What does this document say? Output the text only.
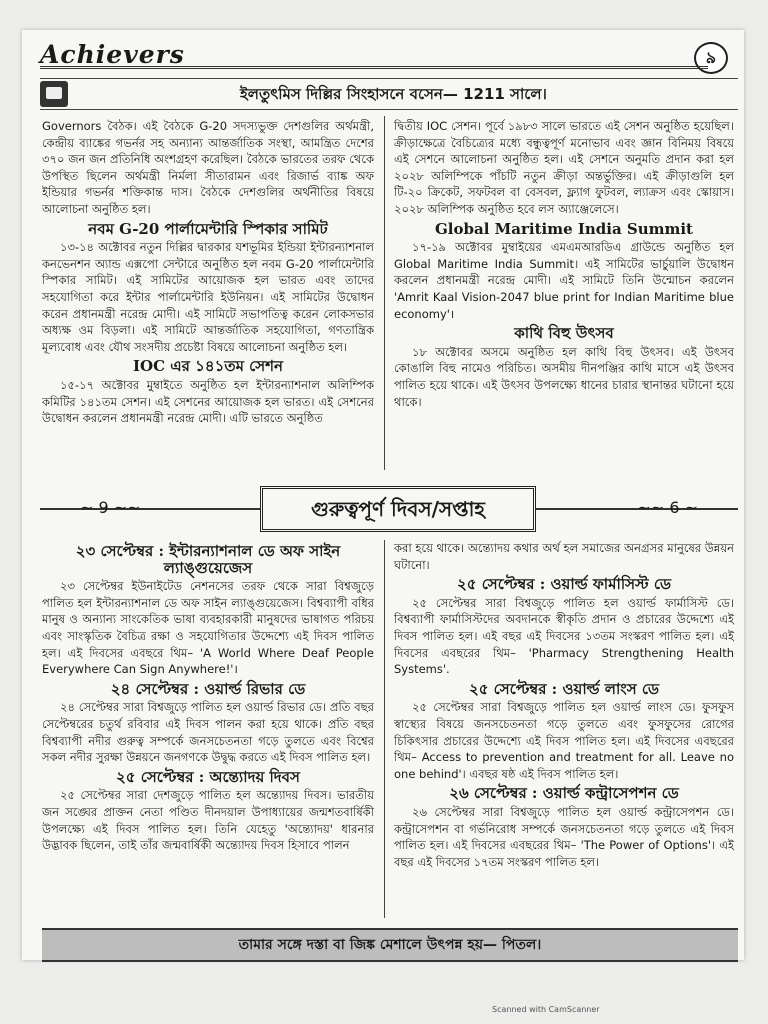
Achievers	৯
ইলতুৎমিস দিল্লির সিংহাসনে বসেন— 1211 সালে।

Governors বৈঠক। এই বৈঠকে G-20 সদস্যভুক্ত দেশগুলির অর্থমন্ত্রী, কেন্দ্রীয় ব্যাঙ্কের গভর্নর সহ অন্যান্য আন্তর্জাতিক সংস্থা, আমন্ত্রিত দেশের ৩৭০ জন জন প্রতিনিধি অংশগ্রহণ করেছিল। বৈঠকে ভারতের তরফ থেকে উপস্থিত ছিলেন অর্থমন্ত্রী নির্মলা সীতারামন এবং রিজার্ভ ব্যাঙ্ক অফ ইন্ডিয়ার গভর্নর শক্তিকান্ত দাস। বৈঠকে দেশগুলির অর্থনীতির বিষয়ে আলোচনা অনুষ্ঠিত হল।

নবম G-20 পার্লামেন্টারি স্পিকার সামিট

১৩-১৪ অক্টোবর নতুন দিল্লির দ্বারকার যশভূমির ইন্ডিয়া ইন্টারন্যাশনাল কনভেনশন অ্যান্ড এক্সপো সেন্টারে অনুষ্ঠিত হল নবম G-20 পার্লামেন্টারি স্পিকার সামিট। এই সামিটের আয়োজক হল ভারত এবং তাদের সহযোগিতা করে ইন্টার পার্লামেন্টারি ইউনিয়ন। এই সামিটের উদ্বোধন করেন প্রধানমন্ত্রী নরেন্দ্র মোদী। এই সামিটে সভাপতিত্ব করেন লোকসভার অধ্যক্ষ ওম বিড়লা। এই সামিটে আন্তর্জাতিক সহযোগিতা, গণতান্ত্রিক মূল্যবোধ এবং যৌথ সংসদীয় প্রচেষ্টা বিষয়ে আলোচনা অনুষ্ঠিত হল।

IOC এর ১৪১তম সেশন

১৫-১৭ অক্টোবর মুম্বাইতে অনুষ্ঠিত হল ইন্টারন্যাশনাল অলিম্পিক কমিটির ১৪১তম সেশন। এই সেশনের আয়োজক হল ভারত। এই সেশনের উদ্বোধন করলেন প্রধানমন্ত্রী নরেন্দ্র মোদী। এটি ভারতে অনুষ্ঠিত

দ্বিতীয় IOC সেশন। পূর্বে ১৯৮৩ সালে ভারতে এই সেশন অনুষ্ঠিত হয়েছিল। ক্রীড়াক্ষেত্রে বৈচিত্র্যের মধ্যে বন্ধুত্বপূর্ণ মনোভাব এবং জ্ঞান বিনিময় বিষয়ে এই সেশনে আলোচনা অনুষ্ঠিত হল। এই সেশনে অনুমতি প্রদান করা হল ২০২৮ অলিম্পিকে পাঁচটি নতুন ক্রীড়া অন্তর্ভুক্তির। এই ক্রীড়াগুলি হল টি-২০ ক্রিকেট, সফটবল বা বেসবল, ফ্ল্যাগ ফুটবল, ল্যাক্রস এবং স্কোয়াস। ২০২৮ অলিম্পিক অনুষ্ঠিত হবে লস অ্যাঞ্জেলেসে।

Global Maritime India Summit

১৭-১৯ অক্টোবর মুম্বাইয়ের এমএমআরডিএ গ্রাউন্ডে অনুষ্ঠিত হল Global Maritime India Summit। এই সামিটের ভার্চুয়ালি উদ্বোধন করলেন প্রধানমন্ত্রী নরেন্দ্র মোদী। এই সামিটে তিনি উন্মোচন করলেন 'Amrit Kaal Vision-2047 blue print for Indian Maritime blue economy'।

কাথি বিহু উৎসব

১৮ অক্টোবর অসমে অনুষ্ঠিত হল কাথি বিহু উৎসব। এই উৎসব কোঙালি বিহু নামেও পরিচিত। অসমীয় দীনপঞ্জির কাথি মাসে এই উৎসব পালিত হয়ে থাকে। এই উৎসব উপলক্ষ্যে ধানের চারার স্থানান্তর ঘটানো হয়ে থাকে।

~ 9 ~~	~~ 6 ~
গুরুত্বপূর্ণ দিবস/সপ্তাহ
২৩ সেপ্টেম্বর : ইন্টারন্যাশনাল ডে অফ সাইন ল্যাঙ্গুয়েজেস

২৩ সেপ্টেম্বর ইউনাইটেড নেশনসের তরফ থেকে সারা বিশ্বজুড়ে পালিত হল ইন্টারন্যাশনাল ডে অফ সাইন ল্যাঙ্গুয়েজেস। বিশ্বব্যাপী বধির মানুষ ও অন্যান্য সাংকেতিক ভাষা ব্যবহারকারী মানুষদের ভাষাগত পরিচয় এবং সাংস্কৃতিক বৈচিত্র রক্ষা ও সহযোগিতার উদ্দেশ্যে এই দিবস পালিত হল। এই দিবসের এবছরে থিম– 'A World Where Deaf People Everywhere Can Sign Anywhere!'।

২৪ সেপ্টেম্বর : ওয়ার্ল্ড রিভার ডে

২৪ সেপ্টেম্বর সারা বিশ্বজুড়ে পালিত হল ওয়ার্ল্ড রিভার ডে। প্রতি বছর সেপ্টেম্বরের চতুর্থ রবিবার এই দিবস পালন করা হয়ে থাকে। প্রতি বছর বিশ্বব্যাপী নদীর গুরুত্ব সম্পর্কে জনসচেতনতা গড়ে তুলতে এবং বিশ্বের সকল নদীর সুরক্ষা উন্নয়নে জনগণকে উদ্বুদ্ধ করতে এই দিবস পালিত হল।

২৫ সেপ্টেম্বর : অন্ত্যোদয় দিবস

২৫ সেপ্টেম্বর সারা দেশজুড়ে পালিত হল অন্ত্যোদয় দিবস। ভারতীয় জন সঙ্ঘের প্রাক্তন নেতা পণ্ডিত দীনদয়াল উপাধ্যায়ের জন্মশতবার্ষিকী উপলক্ষ্যে এই দিবস পালিত হল। তিনি যেহেতু 'অন্ত্যোদয়' ধারনার উদ্ভাবক ছিলেন, তাই তাঁর জন্মবার্ষিকী অন্ত্যোদয় দিবস হিসাবে পালন

করা হয়ে থাকে। অন্ত্যোদয় কথার অর্থ হল সমাজের অনগ্রসর মানুষের উন্নয়ন ঘটানো।

২৫ সেপ্টেম্বর : ওয়ার্ল্ড ফার্মাসিস্ট ডে

২৫ সেপ্টেম্বর সারা বিশ্বজুড়ে পালিত হল ওয়ার্ল্ড ফার্মাসিস্ট ডে। বিশ্বব্যাপী ফার্মাসিস্টদের অবদানকে স্বীকৃতি প্রদান ও প্রচারের উদ্দেশ্যে এই দিবস পালিত হল। এই বছর এই দিবসের ১৩তম সংস্করণ পালিত হল। এই দিবসের এবছরের থিম– 'Pharmacy Strengthening Health Systems'.

২৫ সেপ্টেম্বর : ওয়ার্ল্ড লাংস ডে

২৫ সেপ্টেম্বর সারা বিশ্বজুড়ে পালিত হল ওয়ার্ল্ড লাংস ডে। ফুসফুস স্বাস্থ্যের বিষয়ে জনসচেতনতা গড়ে তুলতে এবং ফুসফুসের রোগের চিকিৎসার প্রচারের উদ্দেশ্যে এই দিবস পালিত হল। এই দিবসের এবছরের থিম– Access to prevention and treatment for all. Leave no one behind'। এবছর ষষ্ঠ এই দিবস পালিত হল।

২৬ সেপ্টেম্বর : ওয়ার্ল্ড কন্ট্রাসেপশন ডে

২৬ সেপ্টেম্বর সারা বিশ্বজুড়ে পালিত হল ওয়ার্ল্ড কন্ট্রাসেপশন ডে। কন্ট্রাসেপশন বা গর্ভনিরোধ সম্পর্কে জনসচেতনতা গড়ে তুলতে এই দিবস পালিত হল। এই দিবসের এবছরের থিম– 'The Power of Options'। এই বছর এই দিবসের ১৭তম সংস্করণ পালিত হল।

তামার সঙ্গে দস্তা বা জিঙ্ক মেশালে উৎপন্ন হয়— পিতল।
Scanned with CamScanner
